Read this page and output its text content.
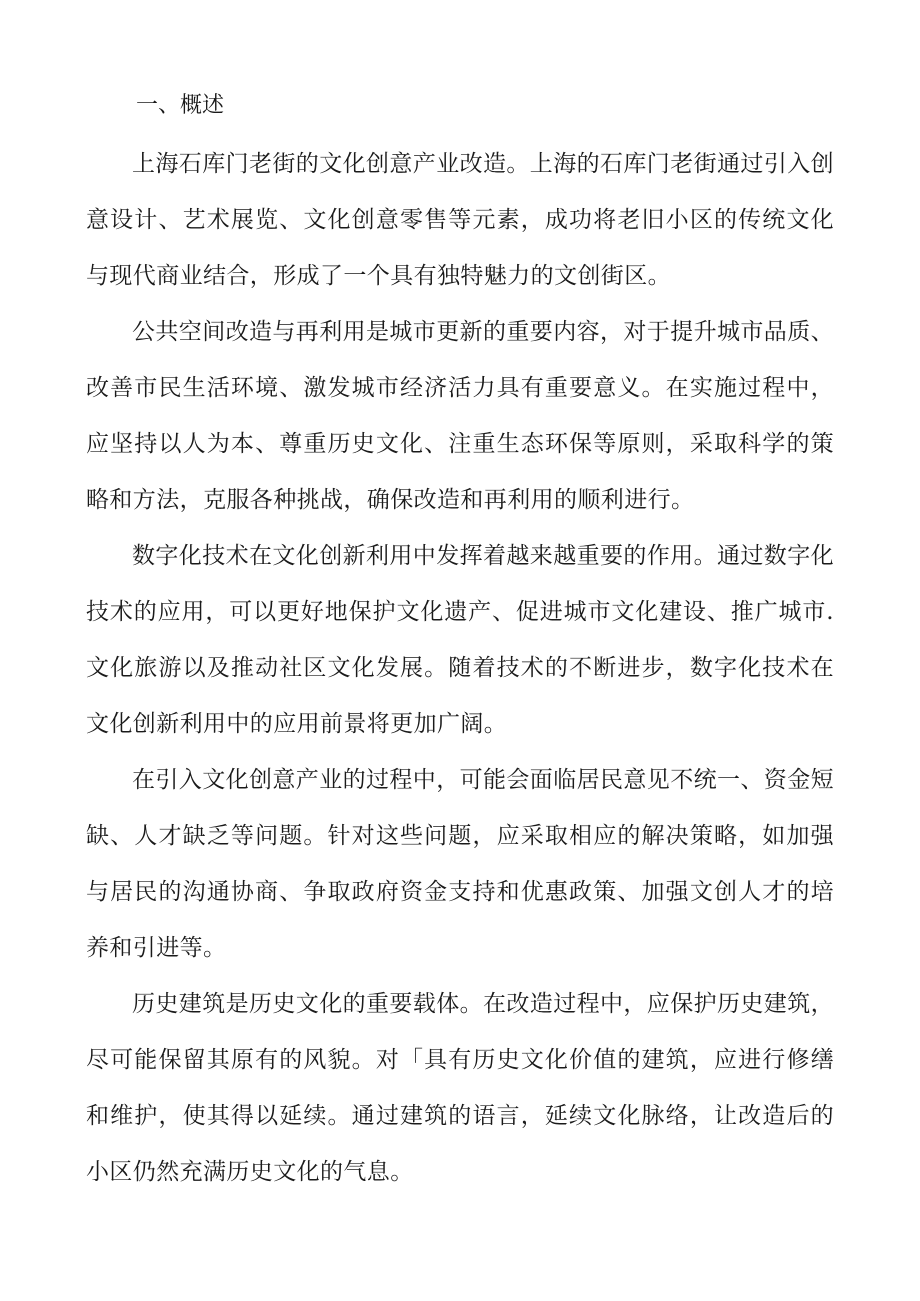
一、概述

上海石库门老街的文化创意产业改造。上海的石库门老街通过引入创意设计、艺术展览、文化创意零售等元素，成功将老旧小区的传统文化与现代商业结合，形成了一个具有独特魅力的文创街区。

公共空间改造与再利用是城市更新的重要内容，对于提升城市品质、改善市民生活环境、激发城市经济活力具有重要意义。在实施过程中，应坚持以人为本、尊重历史文化、注重生态环保等原则，采取科学的策略和方法，克服各种挑战，确保改造和再利用的顺利进行。

数字化技术在文化创新利用中发挥着越来越重要的作用。通过数字化技术的应用，可以更好地保护文化遗产、促进城市文化建设、推广城市.文化旅游以及推动社区文化发展。随着技术的不断进步，数字化技术在文化创新利用中的应用前景将更加广阔。

在引入文化创意产业的过程中，可能会面临居民意见不统一、资金短缺、人才缺乏等问题。针对这些问题，应采取相应的解决策略，如加强与居民的沟通协商、争取政府资金支持和优惠政策、加强文创人才的培养和引进等。

历史建筑是历史文化的重要载体。在改造过程中，应保护历史建筑，尽可能保留其原有的风貌。对「具有历史文化价值的建筑，应进行修缮和维护，使其得以延续。通过建筑的语言，延续文化脉络，让改造后的小区仍然充满历史文化的气息。
